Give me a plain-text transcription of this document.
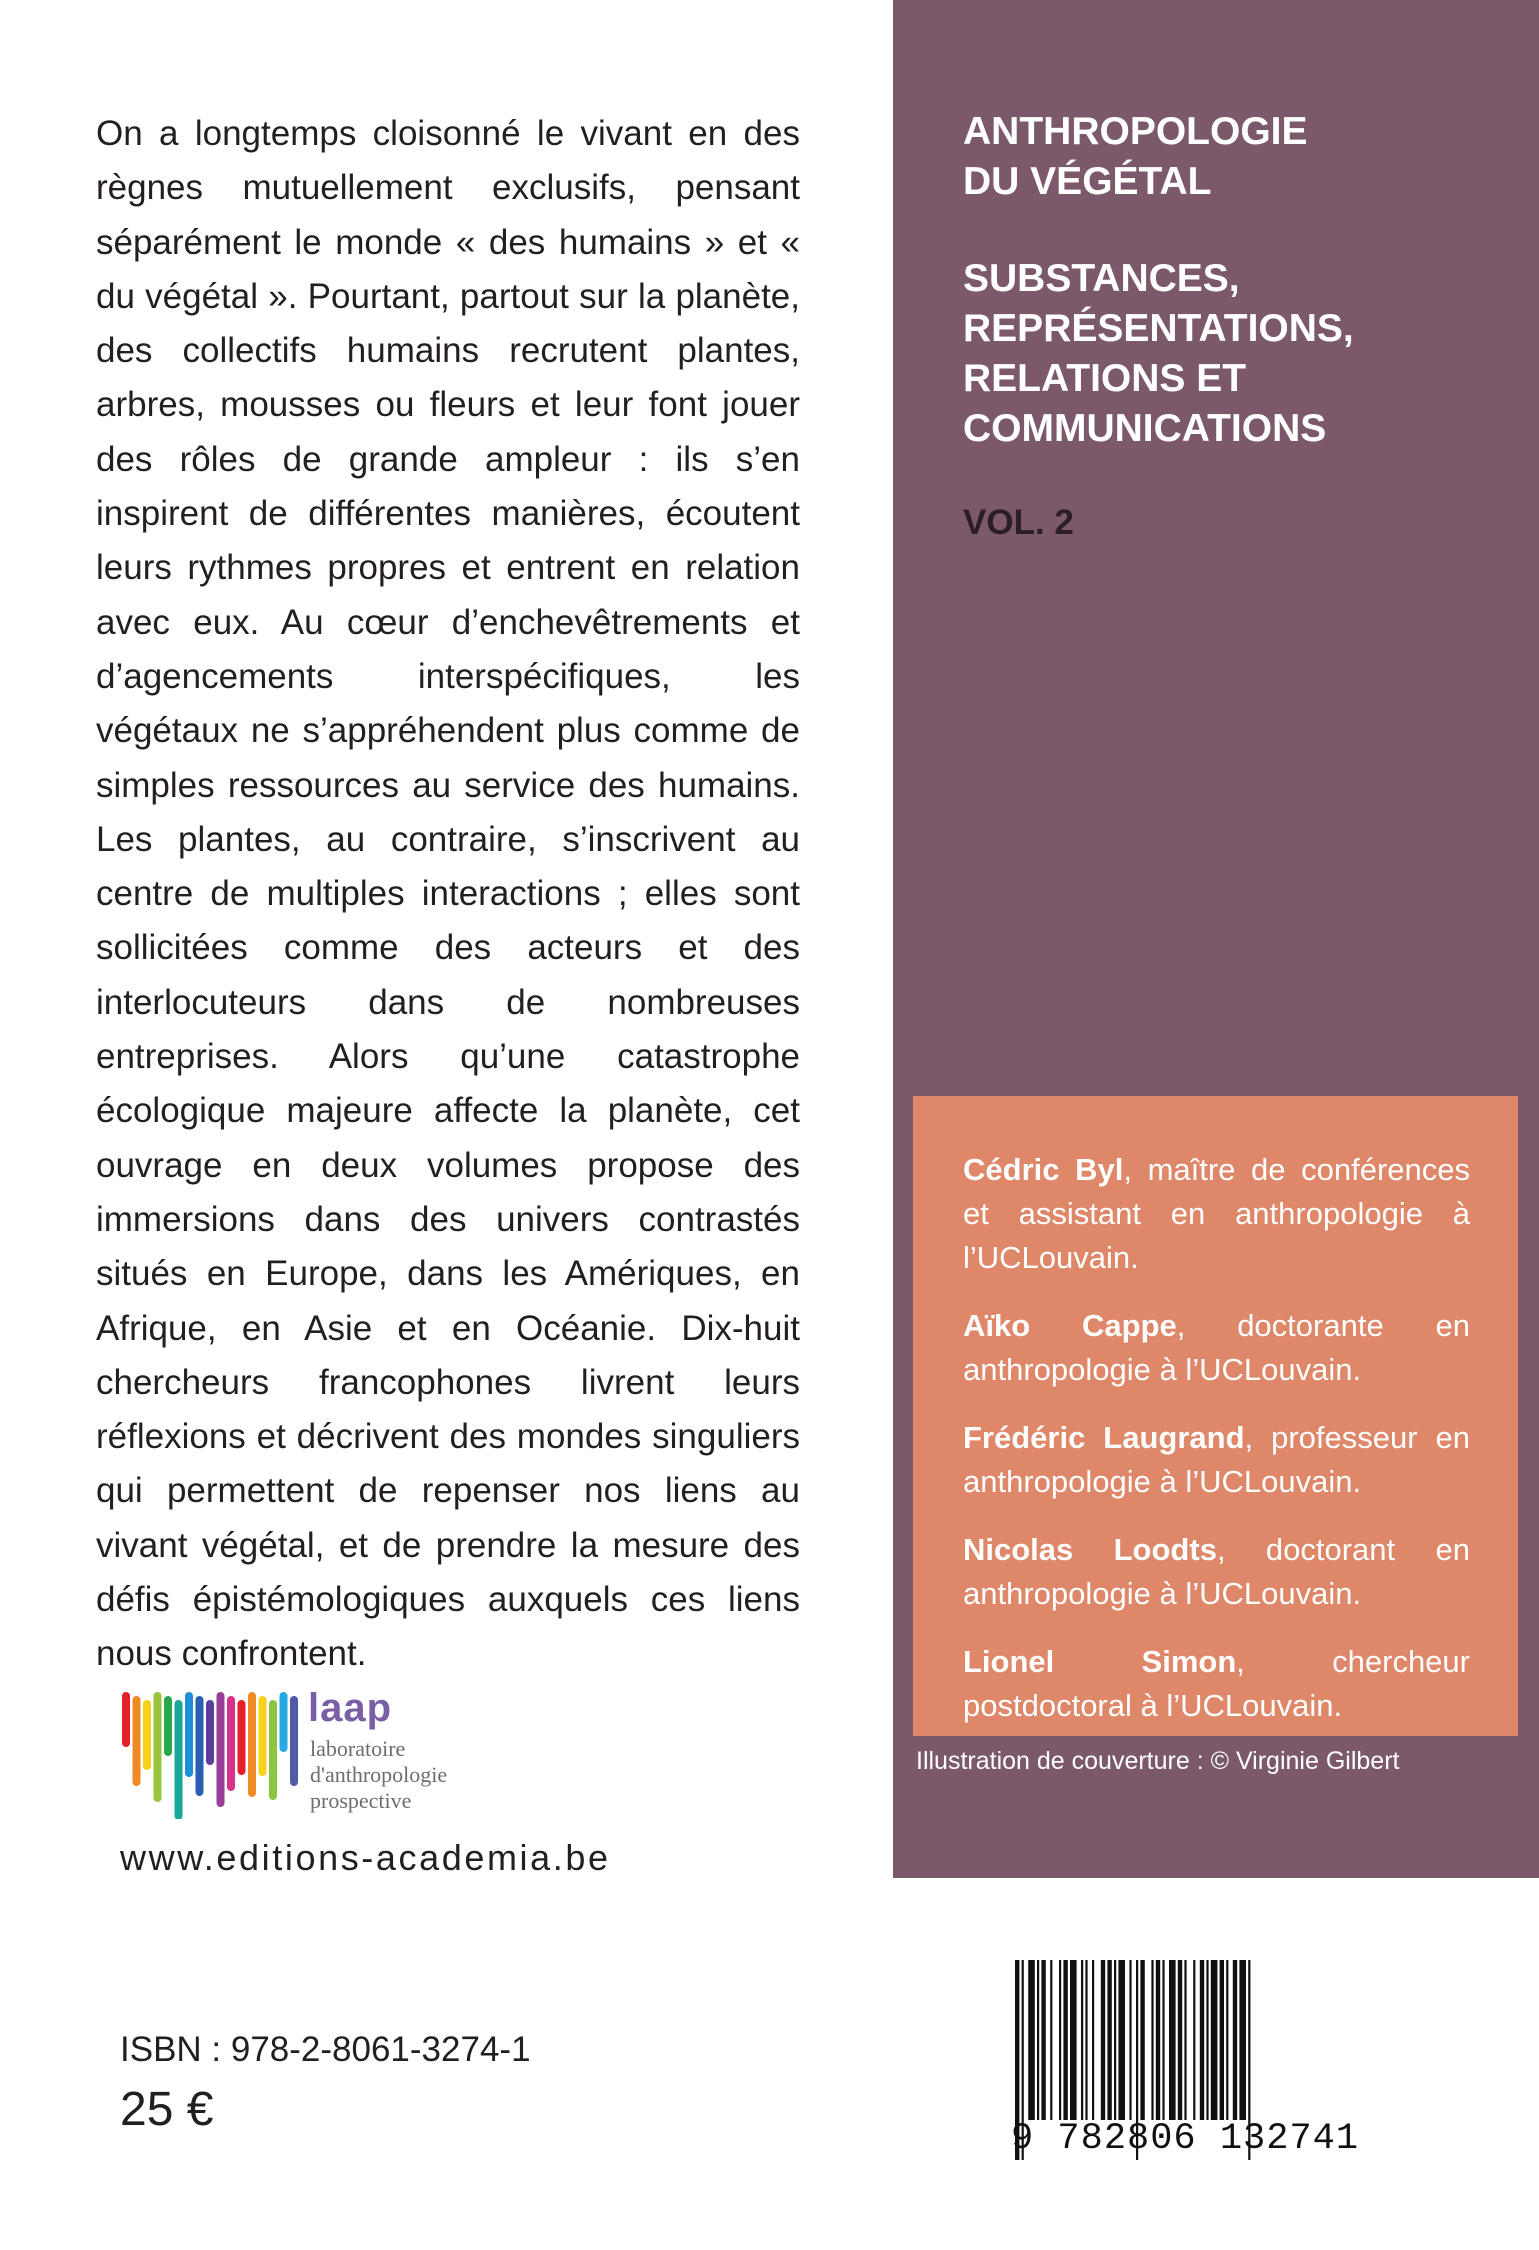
On a longtemps cloisonné le vivant en des règnes mutuellement exclusifs, pensant séparément le monde « des humains » et « du végétal ». Pourtant, partout sur la planète, des collectifs humains recrutent plantes, arbres, mousses ou fleurs et leur font jouer des rôles de grande ampleur : ils s’en inspirent de différentes manières, écoutent leurs rythmes propres et entrent en relation avec eux. Au cœur d’enchevêtrements et d’agencements interspécifiques, les végétaux ne s’appréhendent plus comme de simples ressources au service des humains. Les plantes, au contraire, s’inscrivent au centre de multiples interactions ; elles sont sollicitées comme des acteurs et des interlocuteurs dans de nombreuses entreprises. Alors qu’une catastrophe écologique majeure affecte la planète, cet ouvrage en deux volumes propose des immersions dans des univers contrastés situés en Europe, dans les Amériques, en Afrique, en Asie et en Océanie. Dix-huit chercheurs francophones livrent leurs réflexions et décrivent des mondes singuliers qui permettent de repenser nos liens au vivant végétal, et de prendre la mesure des défis épistémologiques auxquels ces liens nous confrontent.

laap
laboratoire
d'anthropologie
prospective
www.editions-academia.be
ISBN : 978-2-8061-3274-1
25 €
ANTHROPOLOGIE
DU VÉGÉTAL
SUBSTANCES,
REPRÉSENTATIONS,
RELATIONS ET
COMMUNICATIONS
VOL. 2

Cédric Byl, maître de conférences et assistant en anthropologie à l’UCLouvain.

Aïko Cappe, doctorante en anthropologie à l’UCLouvain.

Frédéric Laugrand, professeur en anthropologie à l’UCLouvain.

Nicolas Loodts, doctorant en anthropologie à l’UCLouvain.

Lionel Simon, chercheur postdoctoral à l’UCLouvain.

Illustration de couverture : © Virginie Gilbert
9 782806 132741
